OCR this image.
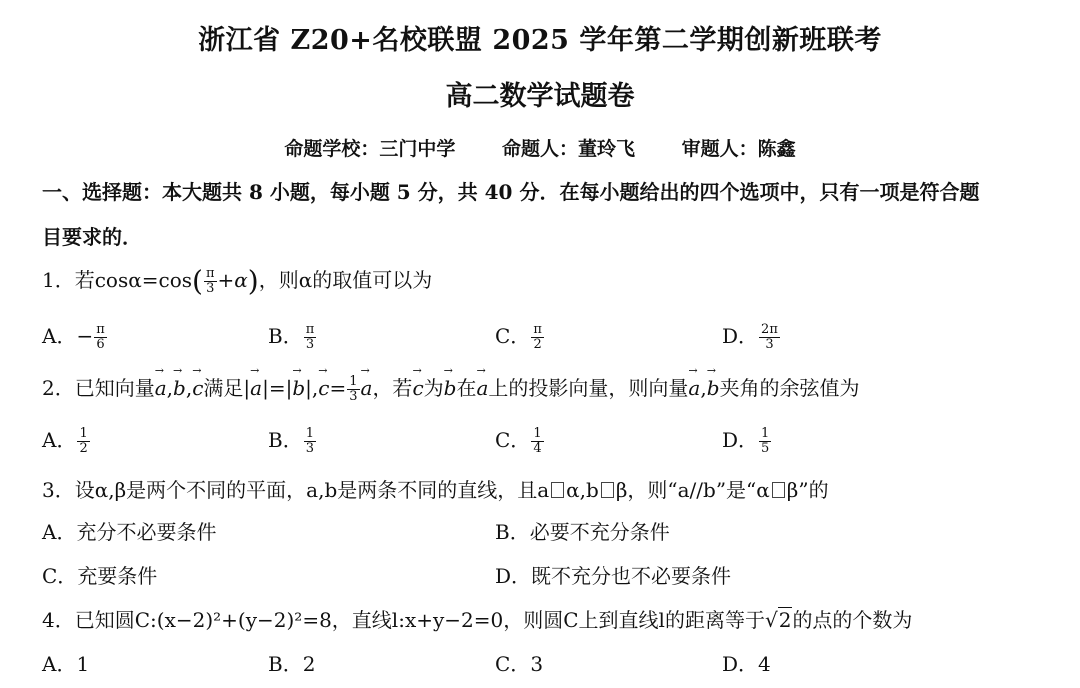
浙江省 Z20+名校联盟 2025 学年第二学期创新班联考
高二数学试题卷
命题学校：三门中学 命题人：董玲飞 审题人：陈鑫
一、选择题：本大题共 8 小题，每小题 5 分，共 40 分．在每小题给出的四个选项中，只有一项是符合题
目要求的．
1．若$\cos\alpha=\cos( \frac{\pi}{3} +\alpha)$，则α的取值可以为
A．− $\frac{\pi}{6}$	B． $\frac{\pi}{3}$	C． $\frac{\pi}{2}$	D． $\frac{2\pi}{3}$
2．已知向量→ a,→ b,→ c满足|→ $a|=|\to b|,\to c= \frac{1}{3}$
→ a，若→ c为→ b在→ a上的投影向量，则向量→ a,→ b夹角的余弦值为
A． $\frac{1}{2}$	B． $\frac{1}{3}$	C． $\frac{1}{4}$	D． $\frac{1}{5}$
3．设α,β是两个不同的平面，a,b是两条不同的直线，且a α,b β，则“a//b”是“α β”的
A．充分不必要条件	B．必要不充分条件
C．充要条件	D．既不充分也不必要条件
4．已知圆C:(x−2)²+(y−2)²=8，直线l:x+y−2=0，则圆C上到直线l的距离等于√2的点的个数为
A．1	B．2	C．3	D．4
